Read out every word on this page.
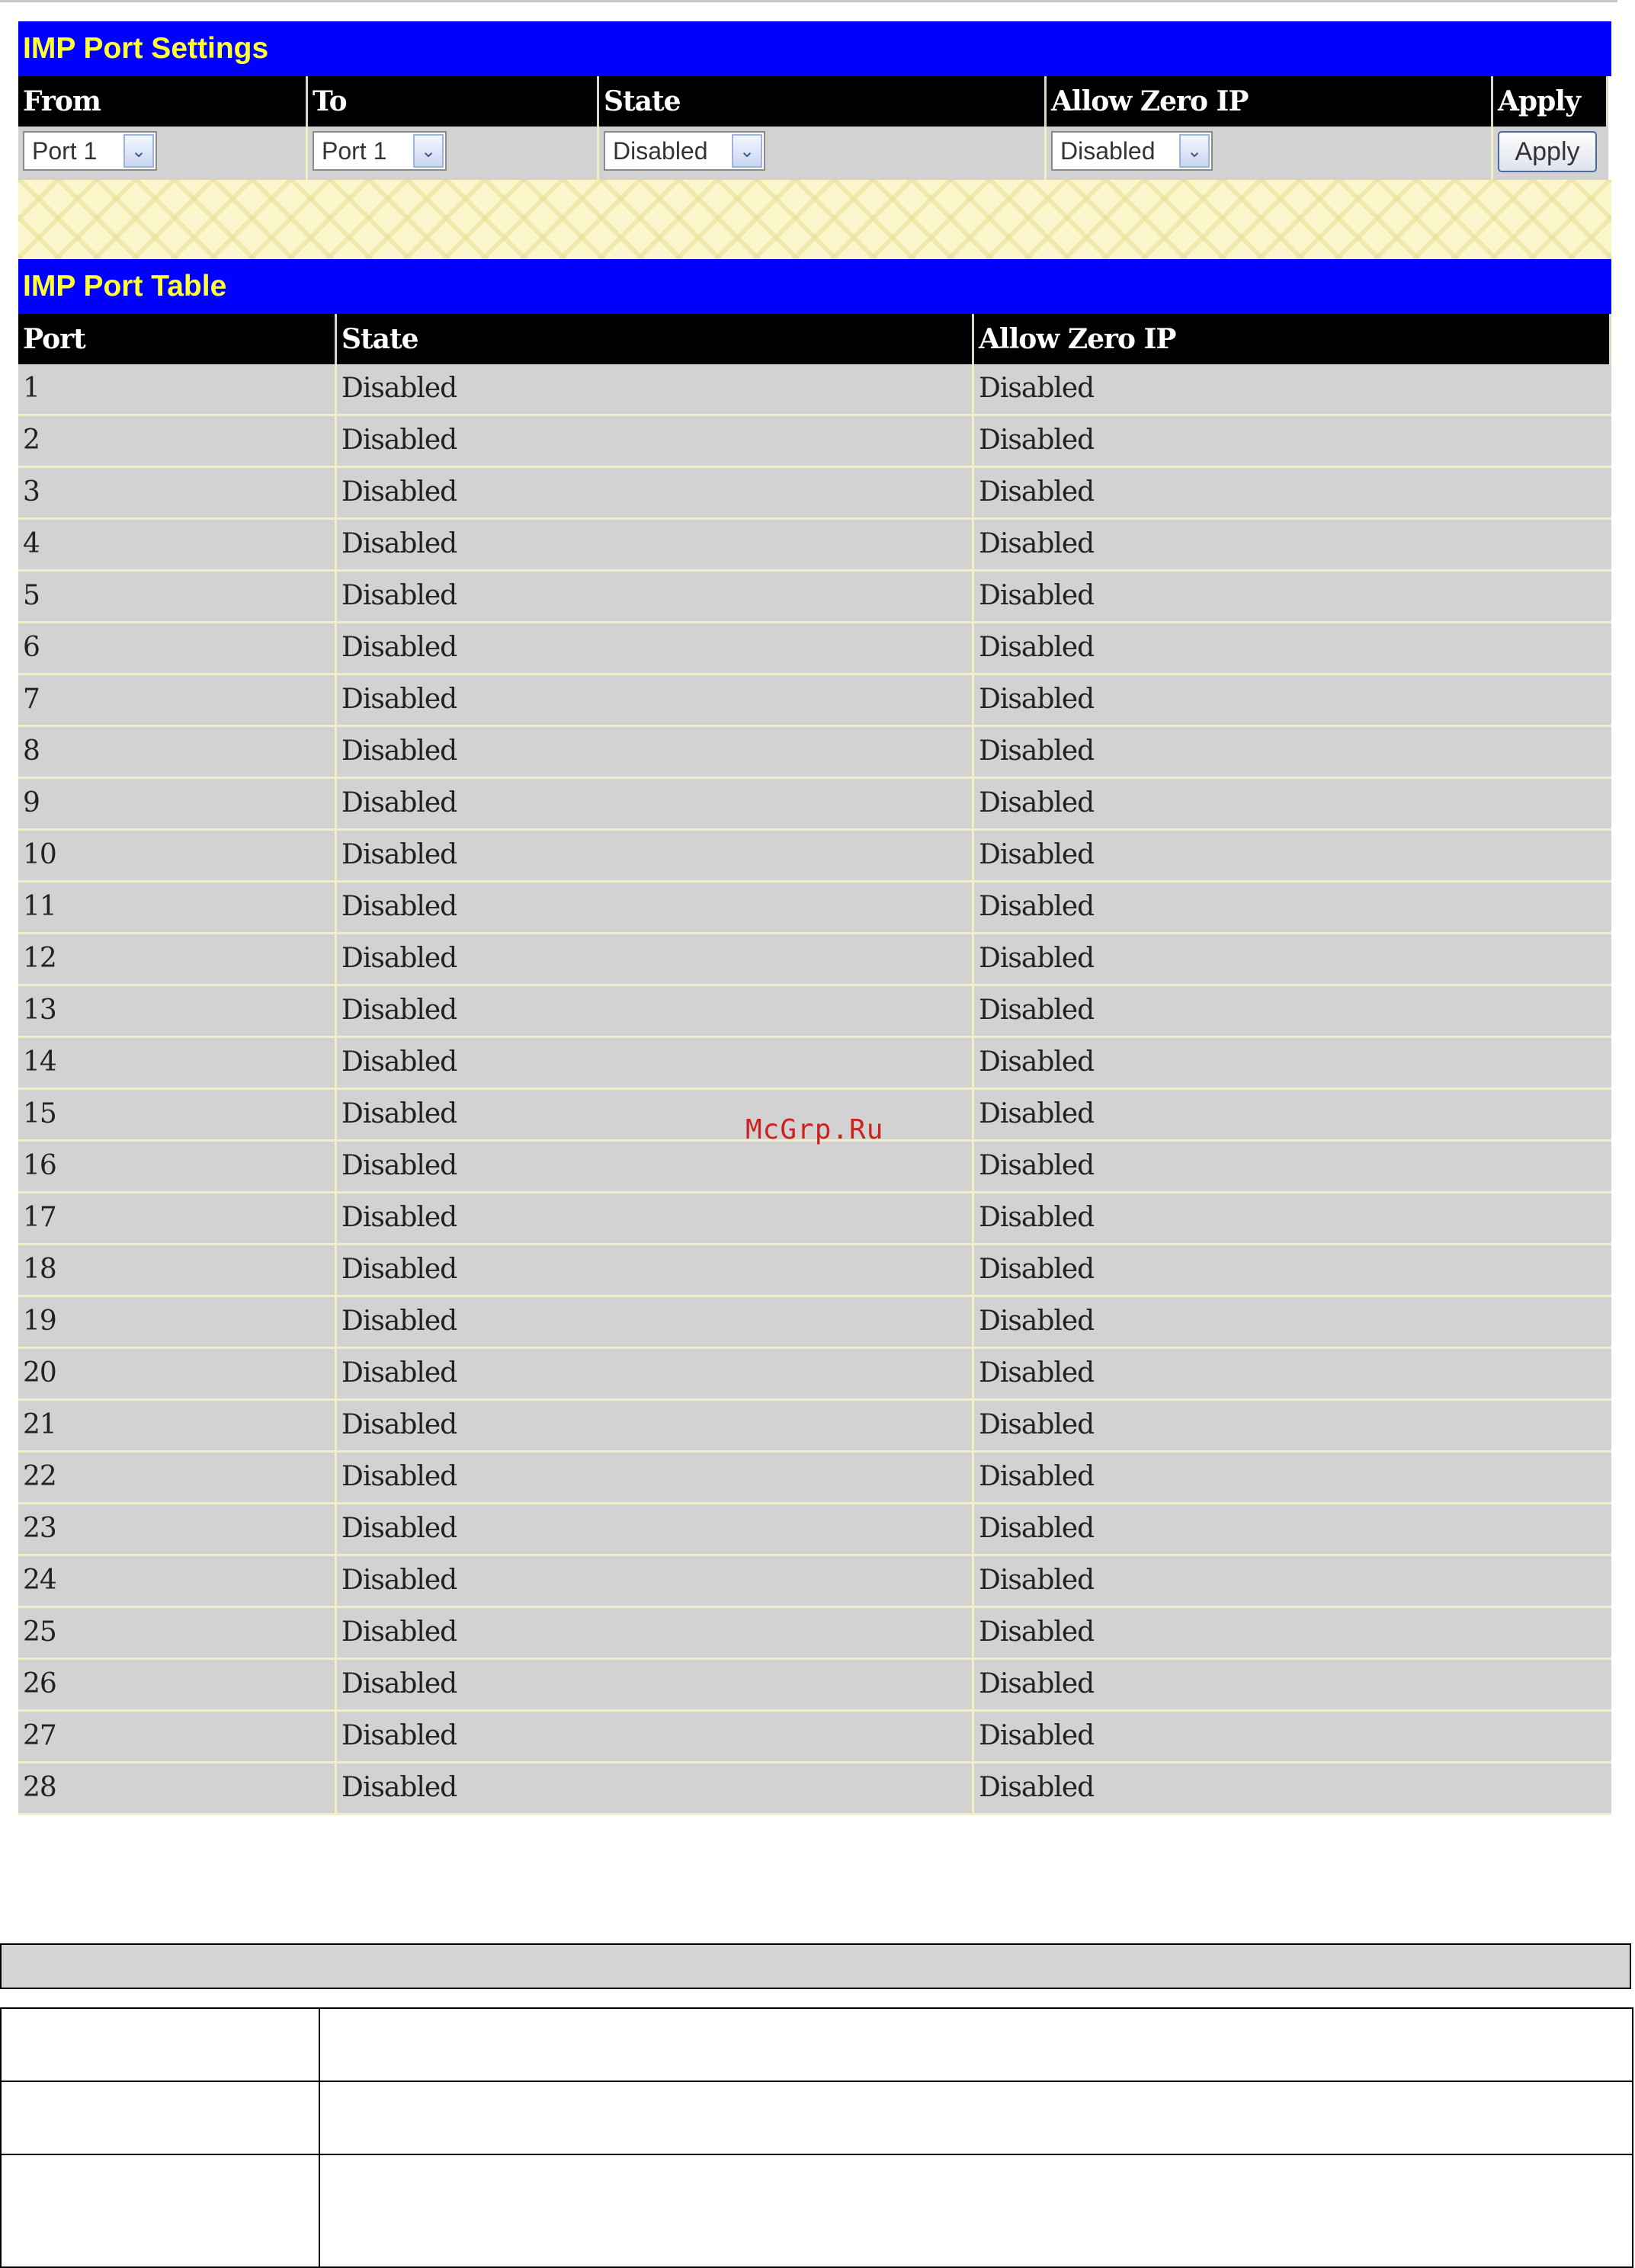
IMP Port Settings
From	To	State	Allow Zero IP	Apply
Port 1	⌄	Port 1	⌄	Disabled	⌄	Disabled	⌄	Apply
IMP Port Table
Port	State	Allow Zero IP
1	Disabled	Disabled
2	Disabled	Disabled
3	Disabled	Disabled
4	Disabled	Disabled
5	Disabled	Disabled
6	Disabled	Disabled
7	Disabled	Disabled
8	Disabled	Disabled
9	Disabled	Disabled
10	Disabled	Disabled
11	Disabled	Disabled
12	Disabled	Disabled
13	Disabled	Disabled
14	Disabled	Disabled
15	Disabled	Disabled
16	Disabled	Disabled
17	Disabled	Disabled
18	Disabled	Disabled
19	Disabled	Disabled
20	Disabled	Disabled
21	Disabled	Disabled
22	Disabled	Disabled
23	Disabled	Disabled
24	Disabled	Disabled
25	Disabled	Disabled
26	Disabled	Disabled
27	Disabled	Disabled
28	Disabled	Disabled
McGrp.Ru
